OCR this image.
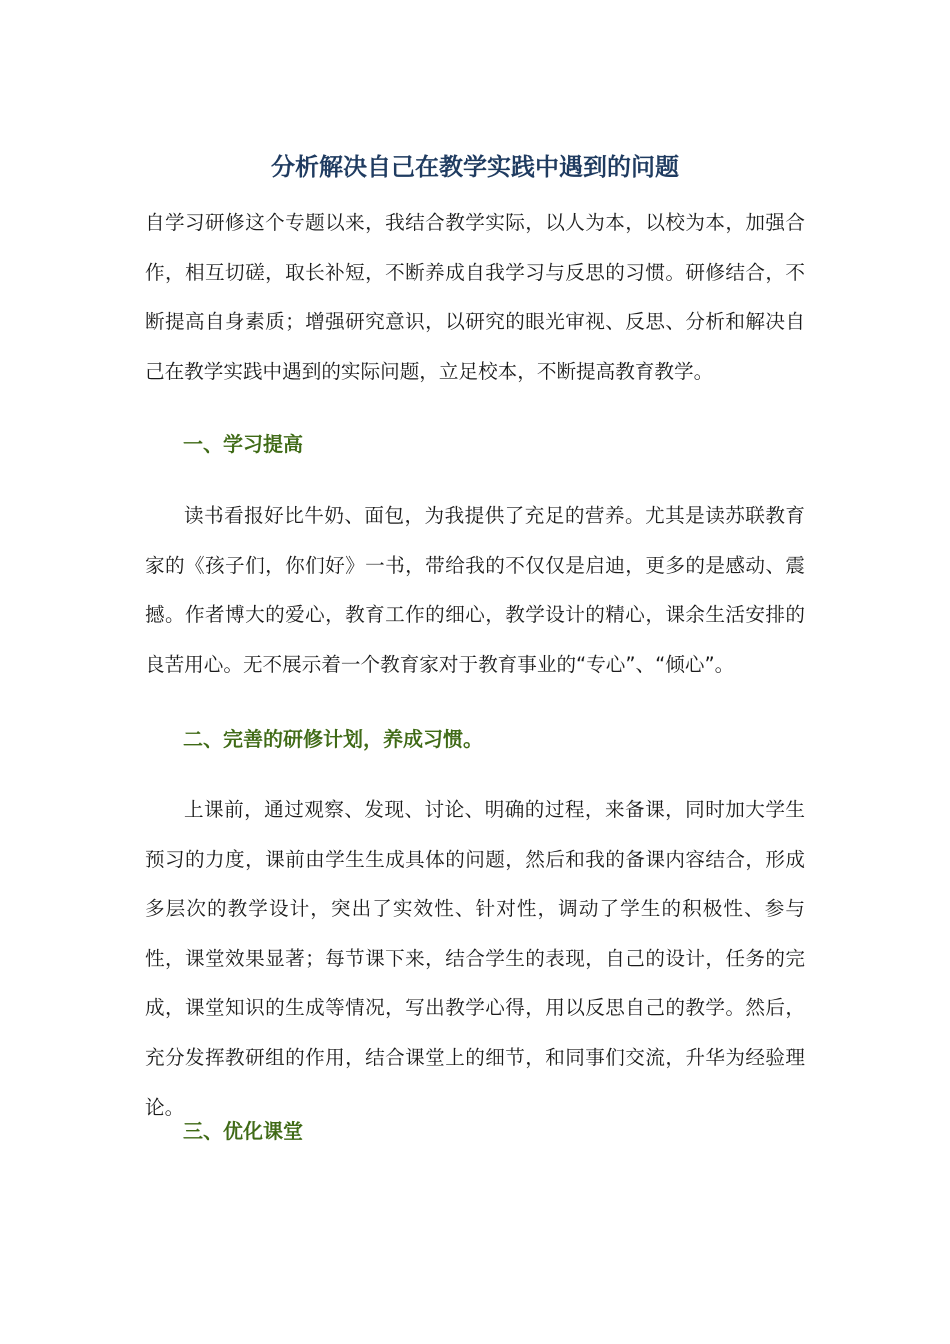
分析解决自己在教学实践中遇到的问题

自学习研修这个专题以来，我结合教学实际，以人为本，以校为本，加强合作，相互切磋，取长补短，不断养成自我学习与反思的习惯。研修结合，不断提高自身素质；增强研究意识，以研究的眼光审视、反思、分析和解决自己在教学实践中遇到的实际问题，立足校本，不断提高教育教学。

一、学习提高

读书看报好比牛奶、面包，为我提供了充足的营养。尤其是读苏联教育家的《孩子们，你们好》一书，带给我的不仅仅是启迪，更多的是感动、震撼。作者博大的爱心，教育工作的细心，教学设计的精心，课余生活安排的良苦用心。无不展示着一个教育家对于教育事业的“专心”、“倾心”。

二、完善的研修计划，养成习惯。

上课前，通过观察、发现、讨论、明确的过程，来备课，同时加大学生预习的力度，课前由学生生成具体的问题，然后和我的备课内容结合，形成多层次的教学设计，突出了实效性、针对性，调动了学生的积极性、参与性，课堂效果显著；每节课下来，结合学生的表现，自己的设计，任务的完成，课堂知识的生成等情况，写出教学心得，用以反思自己的教学。然后，充分发挥教研组的作用，结合课堂上的细节，和同事们交流，升华为经验理论。

三、优化课堂
